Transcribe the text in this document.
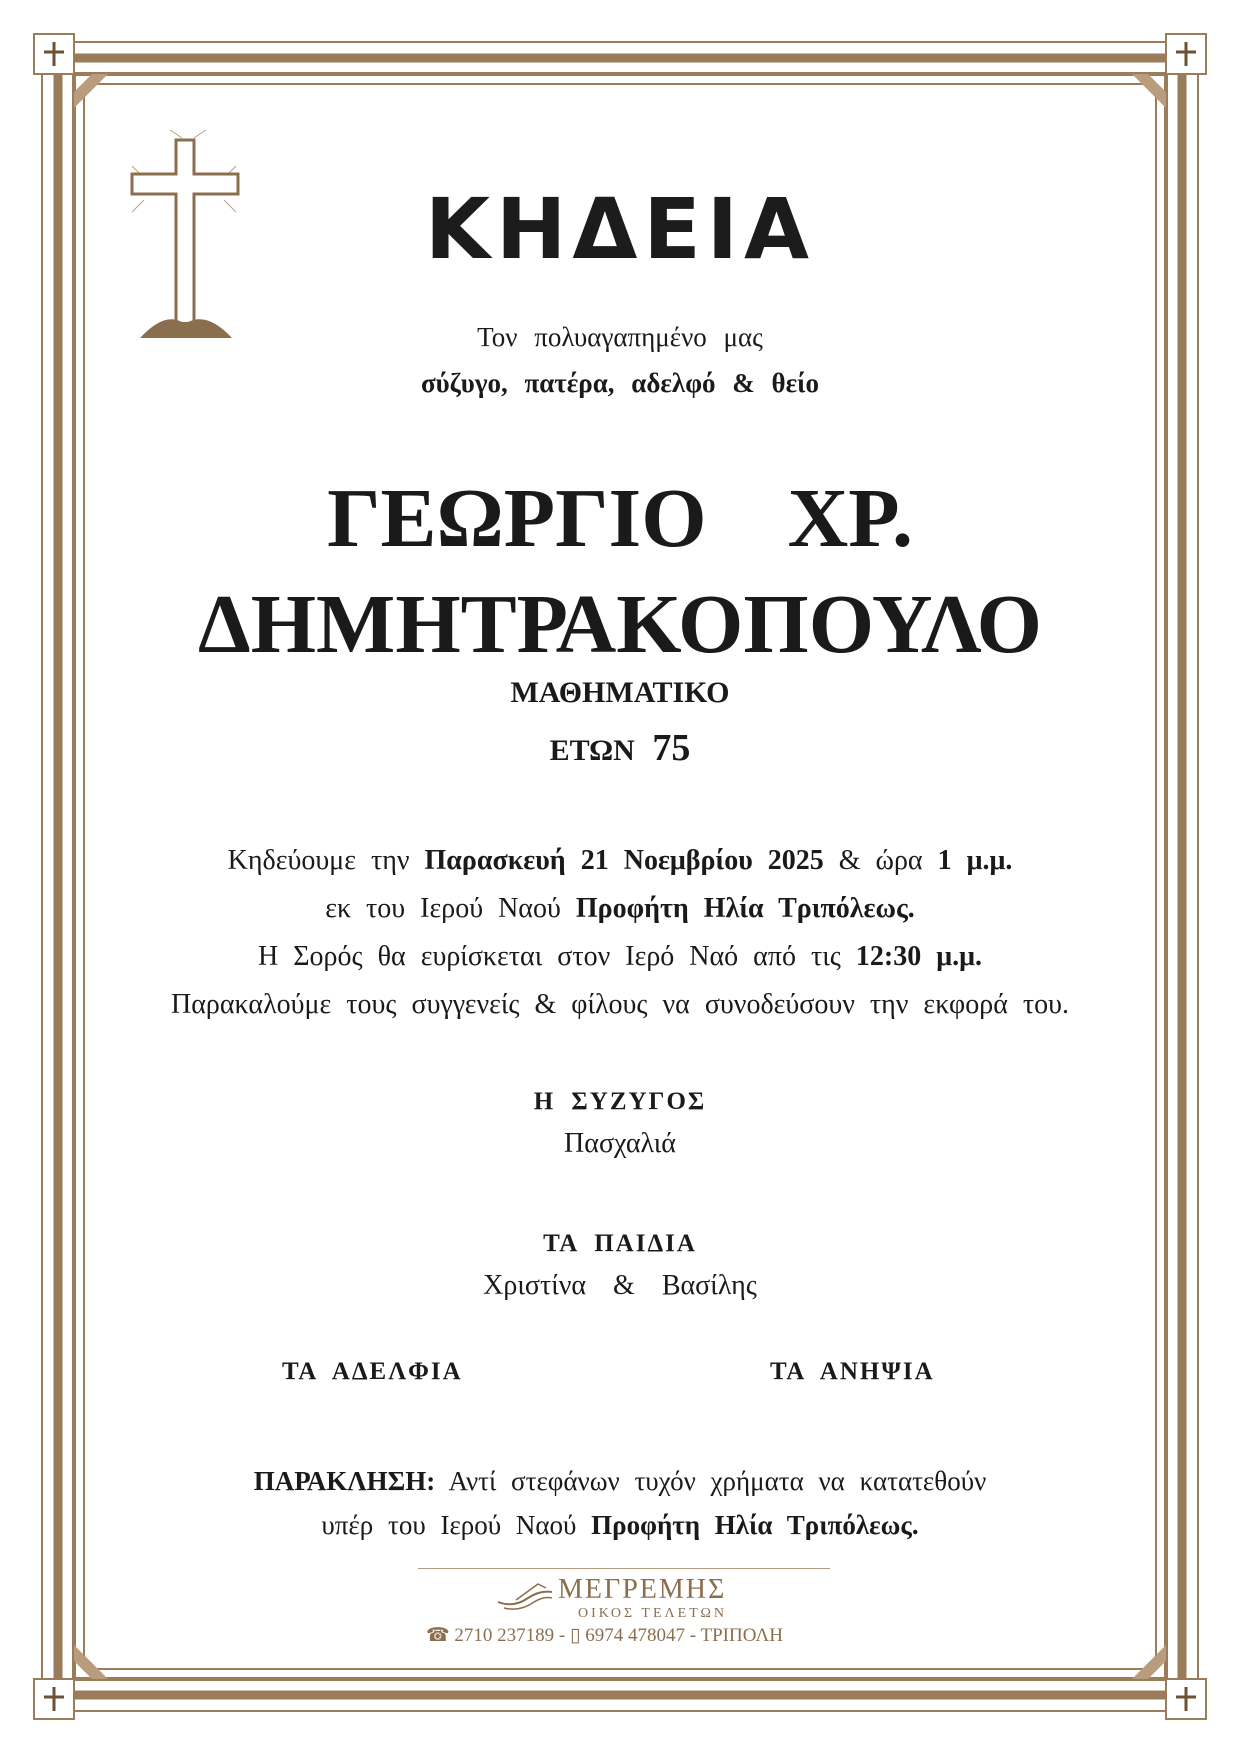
ΚΗΔΕΙΑ
Τον πολυαγαπημένο μας
σύζυγο, πατέρα, αδελφό & θείο
ΓΕΩΡΓΙΟ ΧΡ.
ΔΗΜΗΤΡΑΚΟΠΟΥΛΟ
ΜΑΘΗΜΑΤΙΚΟ
ΕΤΩΝ 75
Κηδεύουμε την Παρασκευή 21 Νοεμβρίου 2025 & ώρα 1 μ.μ.
εκ του Ιερού Ναού Προφήτη Ηλία Τριπόλεως.
Η Σορός θα ευρίσκεται στον Ιερό Ναό από τις 12:30 μ.μ.
Παρακαλούμε τους συγγενείς & φίλους να συνοδεύσουν την εκφορά του.
Η ΣΥΖΥΓΟΣ
Πασχαλιά
ΤΑ ΠΑΙΔΙΑ
Χριστίνα & Βασίλης
ΤΑ ΑΔΕΛΦΙΑ	ΤΑ ΑΝΗΨΙΑ
ΠΑΡΑΚΛΗΣΗ: Αντί στεφάνων τυχόν χρήματα να κατατεθούν
υπέρ του Ιερού Ναού Προφήτη Ηλία Τριπόλεως.
ΜΕΓΡΕΜΗΣ
ΟΙΚΟΣ ΤΕΛΕΤΩΝ
☎ 2710 237189 - ▯ 6974 478047 - ΤΡΙΠΟΛΗ
